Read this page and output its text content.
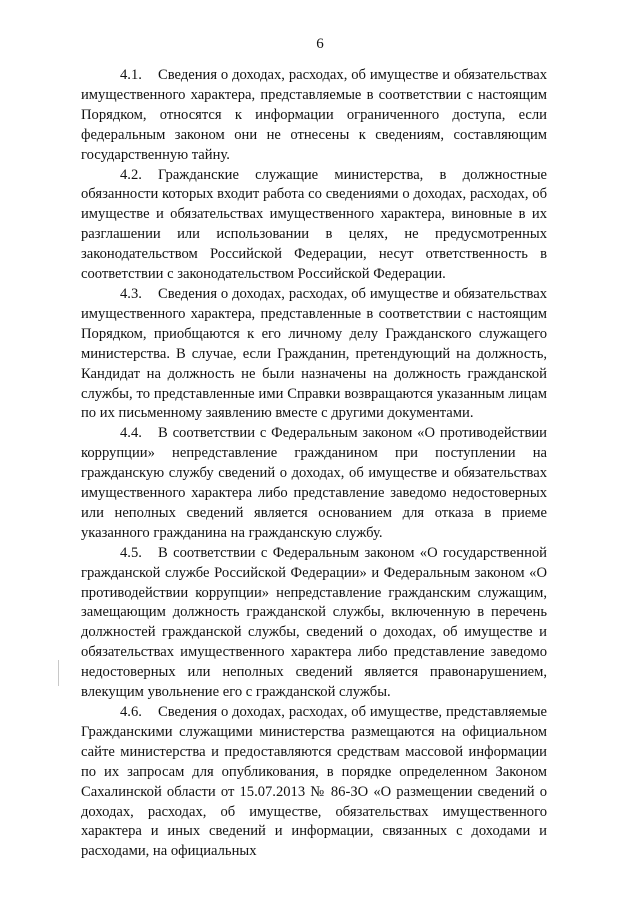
6

4.1. Сведения о доходах, расходах, об имуществе и обязательствах имущественного характера, представляемые в соответствии с настоящим Порядком, относятся к информации ограниченного доступа, если федеральным законом они не отнесены к сведениям, составляющим государственную тайну.

4.2. Гражданские служащие министерства, в должностные обязанности которых входит работа со сведениями о доходах, расходах, об имуществе и обязательствах имущественного характера, виновные в их разглашении или использовании в целях, не предусмотренных законодательством Российской Федерации, несут ответственность в соответствии с законодательством Российской Федерации.

4.3. Сведения о доходах, расходах, об имуществе и обязательствах имущественного характера, представленные в соответствии с настоящим Порядком, приобщаются к его личному делу Гражданского служащего министерства. В случае, если Гражданин, претендующий на должность, Кандидат на должность не были назначены на должность гражданской службы, то представленные ими Справки возвращаются указанным лицам по их письменному заявлению вместе с другими документами.

4.4. В соответствии с Федеральным законом «О противодействии коррупции» непредставление гражданином при поступлении на гражданскую службу сведений о доходах, об имуществе и обязательствах имущественного характера либо представление заведомо недостоверных или неполных сведений является основанием для отказа в приеме указанного гражданина на гражданскую службу.

4.5. В соответствии с Федеральным законом «О государственной гражданской службе Российской Федерации» и Федеральным законом «О противодействии коррупции» непредставление гражданским служащим, замещающим должность гражданской службы, включенную в перечень должностей гражданской службы, сведений о доходах, об имуществе и обязательствах имущественного характера либо представление заведомо недостоверных или неполных сведений является правонарушением, влекущим увольнение его с гражданской службы.

4.6. Сведения о доходах, расходах, об имуществе, представляемые Гражданскими служащими министерства размещаются на официальном сайте министерства и предоставляются средствам массовой информации по их запросам для опубликования, в порядке определенном Законом Сахалинской области от 15.07.2013 № 86-ЗО «О размещении сведений о доходах, расходах, об имуществе, обязательствах имущественного характера и иных сведений и информации, связанных с доходами и расходами, на официальных
